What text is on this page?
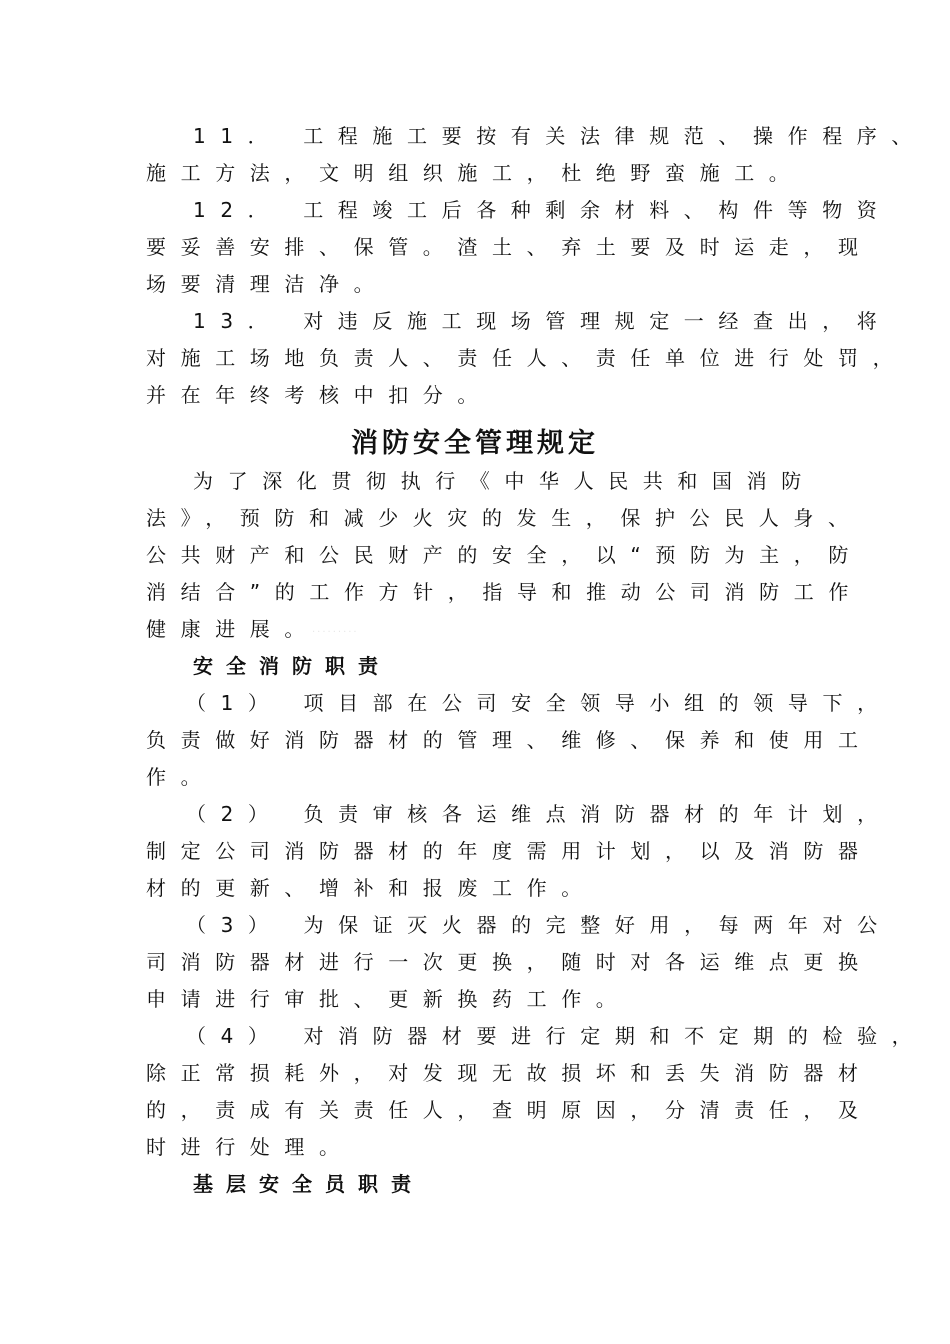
11． 工程施工要按有关法律规范、操作程序、
施工方法，文明组织施工，杜绝野蛮施工。
12． 工程竣工后各种剩余材料、构件等物资
要妥善安排、保管。渣土、弃土要及时运走，现
场要清理洁净。
13． 对违反施工现场管理规定一经查出，将
对施工场地负责人、责任人、责任单位进行处罚，
并在年终考核中扣分。
消防安全管理规定
为了深化贯彻执行《中华人民共和国消防
法》，预防和减少火灾的发生，保护公民人身、
公共财产和公民财产的安全，以“预防为主，防
消结合”的工作方针，指导和推动公司消防工作
健康进展。
·········
安全消防职责
（1） 项目部在公司安全领导小组的领导下，
负责做好消防器材的管理、维修、保养和使用工
作。
（2） 负责审核各运维点消防器材的年计划，
制定公司消防器材的年度需用计划，以及消防器
材的更新、增补和报废工作。
（3） 为保证灭火器的完整好用，每两年对公
司消防器材进行一次更换，随时对各运维点更换
申请进行审批、更新换药工作。
（4） 对消防器材要进行定期和不定期的检验，
除正常损耗外，对发现无故损坏和丢失消防器材
的，责成有关责任人，查明原因，分清责任，及
时进行处理。
基层安全员职责
